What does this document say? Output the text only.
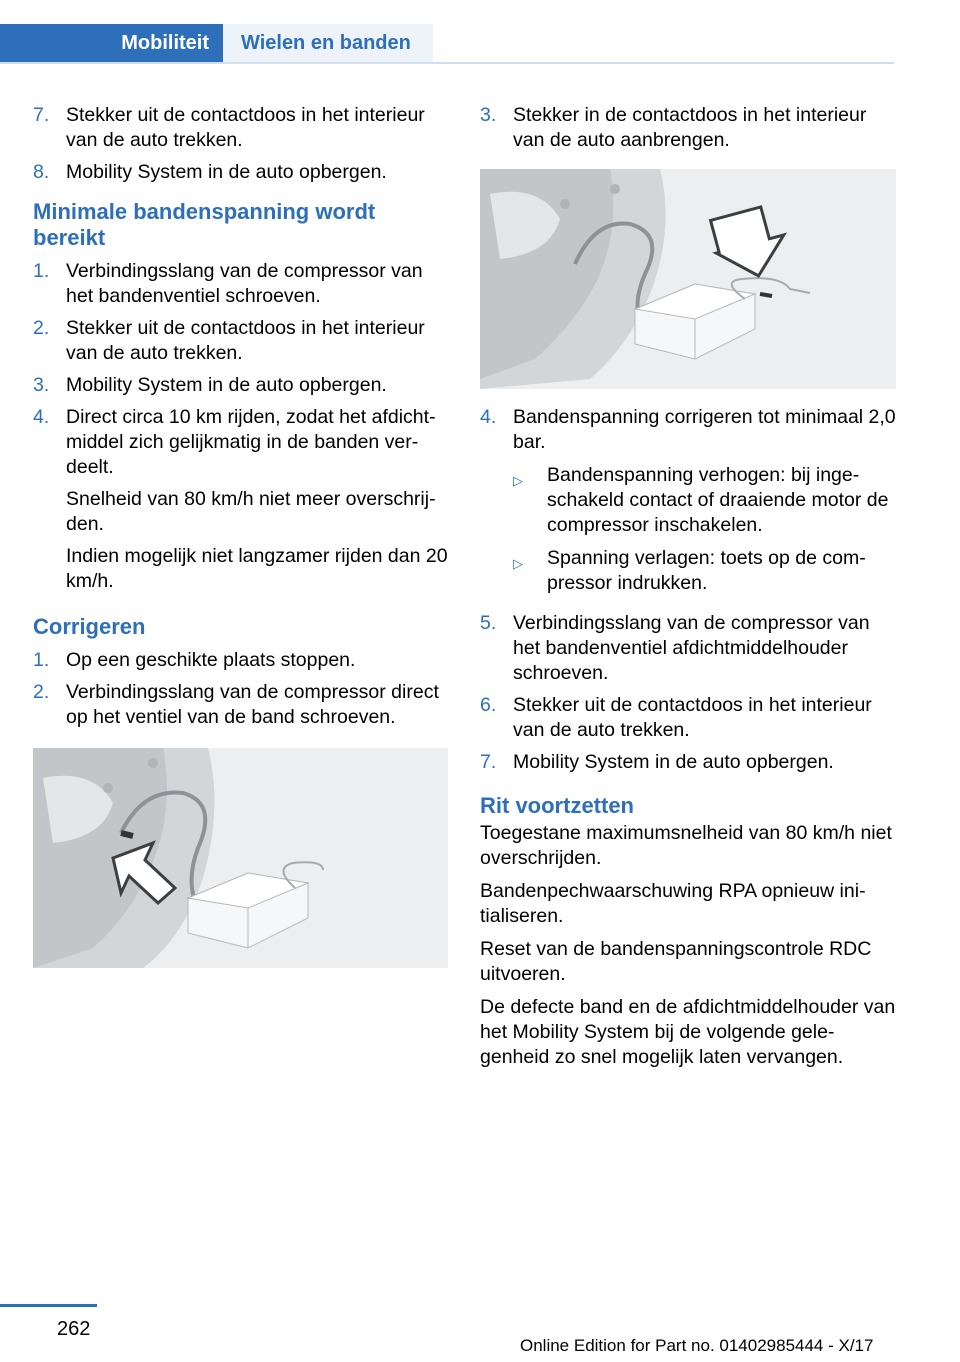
Mobiliteit	Wielen en banden
7. Stekker uit de contactdoos in het interieur van de auto trekken.
8. Mobility System in de auto opbergen.
Minimale bandenspanning wordt bereikt
1. Verbindingsslang van de compressor van het bandenventiel schroeven.
2. Stekker uit de contactdoos in het interieur van de auto trekken.
3. Mobility System in de auto opbergen.
4. Direct circa 10 km rijden, zodat het afdichtmiddel zich gelijkmatig in de banden verdeelt.

Snelheid van 80 km/h niet meer overschrijden.

Indien mogelijk niet langzamer rijden dan 20 km/h.

Corrigeren
1. Op een geschikte plaats stoppen.
2. Verbindingsslang van de compressor direct op het ventiel van de band schroeven.
3. Stekker in de contactdoos in het interieur van de auto aanbrengen.
4. Bandenspanning corrigeren tot minimaal 2,0 bar.

▷	Bandenspanning verhogen: bij ingeschakeld contact of draaiende motor de compressor inschakelen.
▷	Spanning verlagen: toets op de compressor indrukken.
5. Verbindingsslang van de compressor van het bandenventiel afdichtmiddelhouder schroeven.
6. Stekker uit de contactdoos in het interieur van de auto trekken.
7. Mobility System in de auto opbergen.
Rit voortzetten

Toegestane maximumsnelheid van 80 km/h niet overschrijden.

Bandenpechwaarschuwing RPA opnieuw initialiseren.

Reset van de bandenspanningscontrole RDC uitvoeren.

De defecte band en de afdichtmiddelhouder van het Mobility System bij de volgende gelegenheid zo snel mogelijk laten vervangen.

262
Online Edition for Part no. 01402985444 - X/17
